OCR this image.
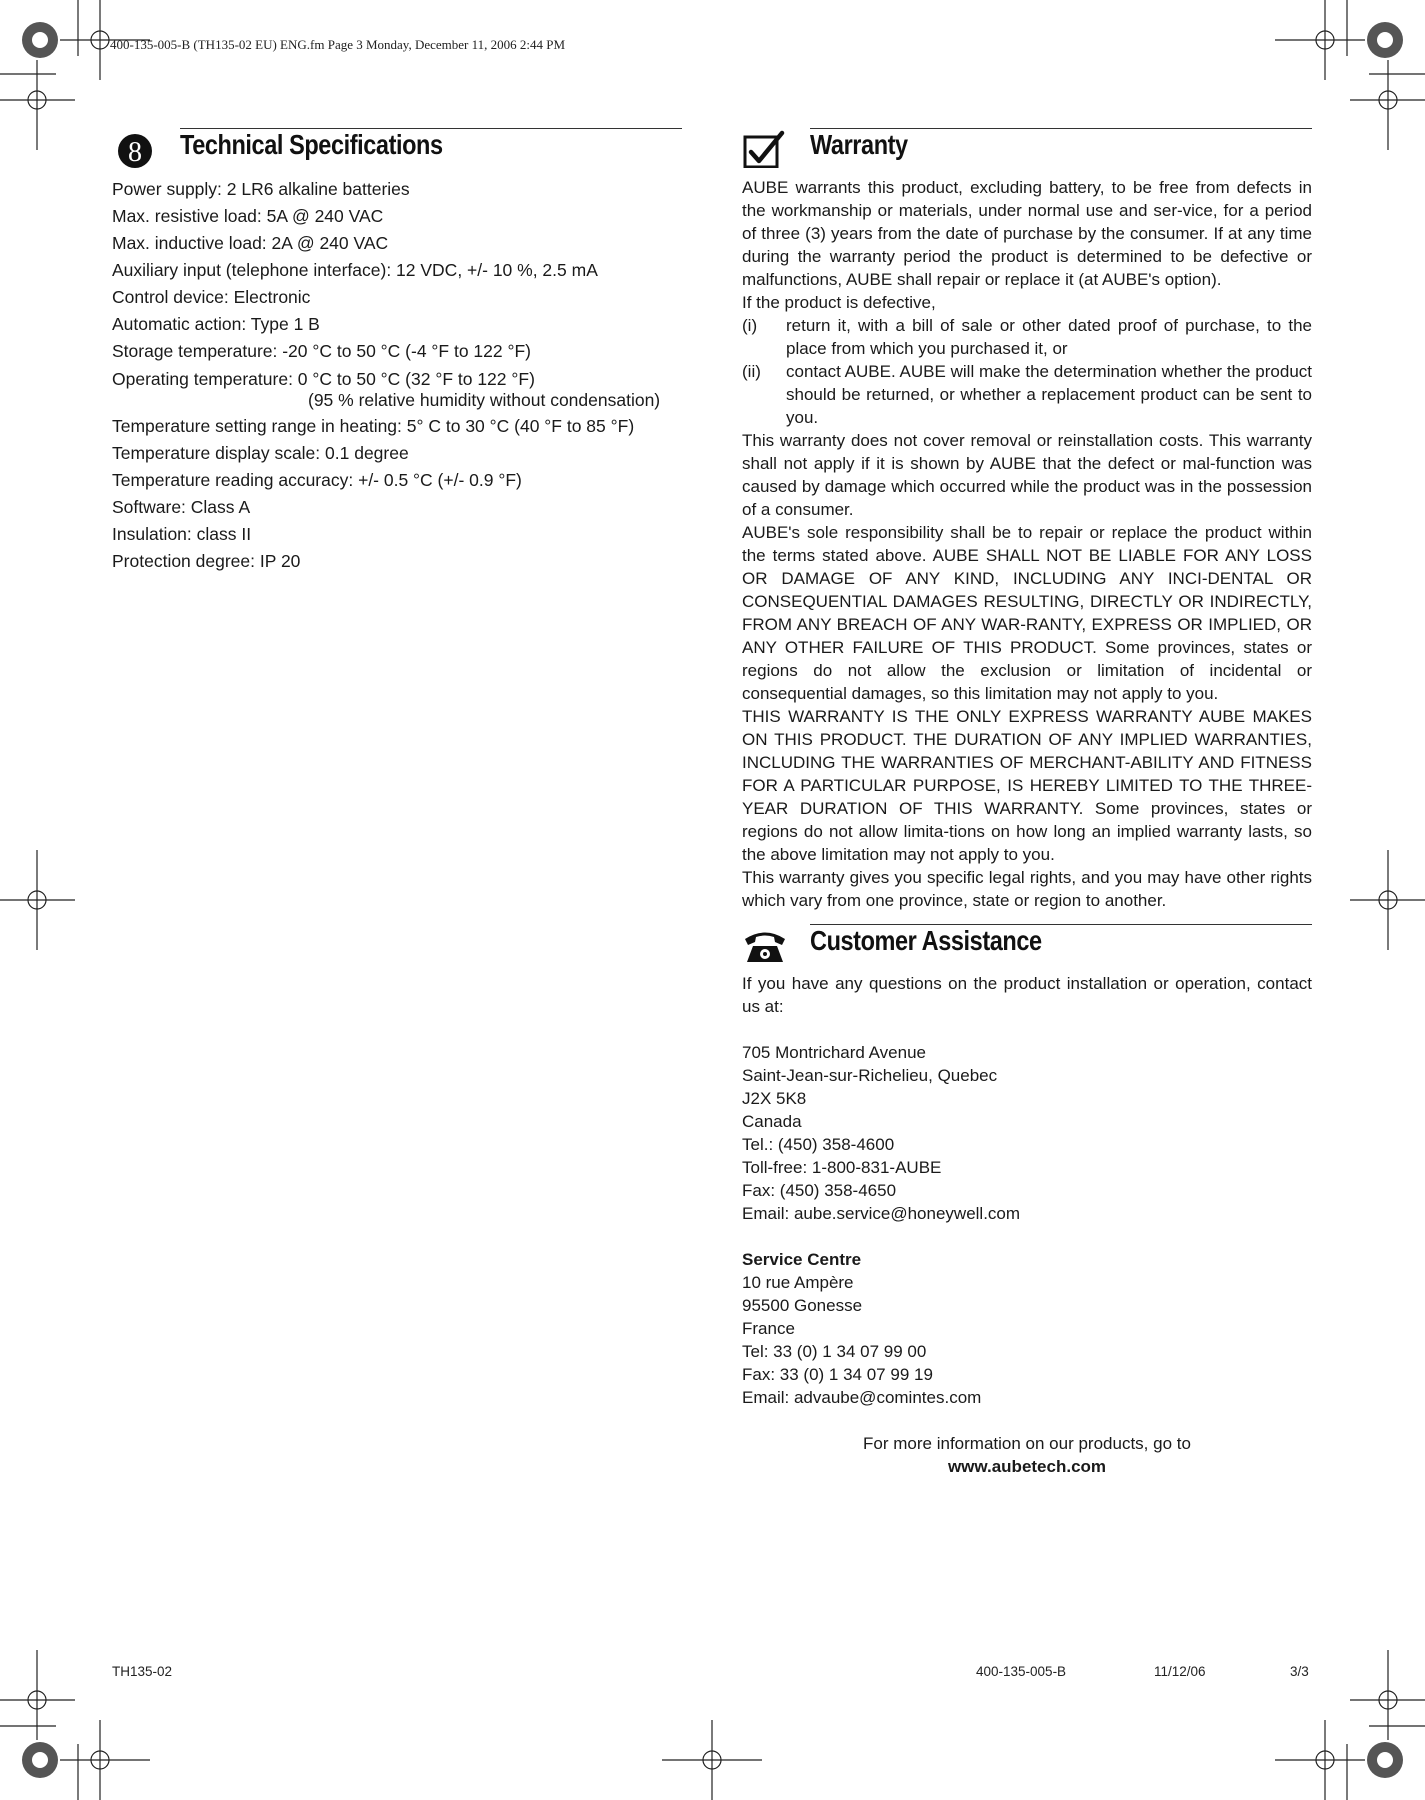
400-135-005-B (TH135-02 EU) ENG.fm Page 3 Monday, December 11, 2006 2:44 PM
8 Technical Specifications
Power supply: 2 LR6 alkaline batteries
Max. resistive load: 5A @ 240 VAC
Max. inductive load: 2A @ 240 VAC
Auxiliary input (telephone interface): 12 VDC, +/- 10 %, 2.5 mA
Control device: Electronic
Automatic action: Type 1 B
Storage temperature: -20 °C to 50 °C (-4 °F to 122 °F)
Operating temperature: 0 °C to 50 °C (32 °F to 122 °F)
(95 % relative humidity without condensation)
Temperature setting range in heating: 5° C to 30 °C (40 °F to 85 °F)
Temperature display scale: 0.1 degree
Temperature reading accuracy: +/- 0.5 °C (+/- 0.9 °F)
Software: Class A
Insulation: class II
Protection degree: IP 20
Warranty

AUBE warrants this product, excluding battery, to be free from defects in the workmanship or materials, under normal use and ser-vice, for a period of three (3) years from the date of purchase by the consumer. If at any time during the warranty period the product is determined to be defective or malfunctions, AUBE shall repair or replace it (at AUBE's option).

If the product is defective,

(i)	return it, with a bill of sale or other dated proof of purchase, to the place from which you purchased it, or
(ii)	contact AUBE. AUBE will make the determination whether the product should be returned, or whether a replacement product can be sent to you.

This warranty does not cover removal or reinstallation costs. This warranty shall not apply if it is shown by AUBE that the defect or mal-function was caused by damage which occurred while the product was in the possession of a consumer.

AUBE's sole responsibility shall be to repair or replace the product within the terms stated above. AUBE SHALL NOT BE LIABLE FOR ANY LOSS OR DAMAGE OF ANY KIND, INCLUDING ANY INCI-DENTAL OR CONSEQUENTIAL DAMAGES RESULTING, DIRECTLY OR INDIRECTLY, FROM ANY BREACH OF ANY WAR-RANTY, EXPRESS OR IMPLIED, OR ANY OTHER FAILURE OF THIS PRODUCT. Some provinces, states or regions do not allow the exclusion or limitation of incidental or consequential damages, so this limitation may not apply to you.

THIS WARRANTY IS THE ONLY EXPRESS WARRANTY AUBE MAKES ON THIS PRODUCT. THE DURATION OF ANY IMPLIED WARRANTIES, INCLUDING THE WARRANTIES OF MERCHANT-ABILITY AND FITNESS FOR A PARTICULAR PURPOSE, IS HEREBY LIMITED TO THE THREE-YEAR DURATION OF THIS WARRANTY. Some provinces, states or regions do not allow limita-tions on how long an implied warranty lasts, so the above limitation may not apply to you.

This warranty gives you specific legal rights, and you may have other rights which vary from one province, state or region to another.

Customer Assistance
If you have any questions on the product installation or operation, contact us at:
705 Montrichard Avenue
Saint-Jean-sur-Richelieu, Quebec
J2X 5K8
Canada
Tel.: (450) 358-4600
Toll-free: 1-800-831-AUBE
Fax: (450) 358-4650
Email: aube.service@honeywell.com
Service Centre
10 rue Ampère
95500 Gonesse
France
Tel: 33 (0) 1 34 07 99 00
Fax: 33 (0) 1 34 07 99 19
Email: advaube@comintes.com
For more information on our products, go to
www.aubetech.com
TH135-02	400-135-005-B	11/12/06	3/3
